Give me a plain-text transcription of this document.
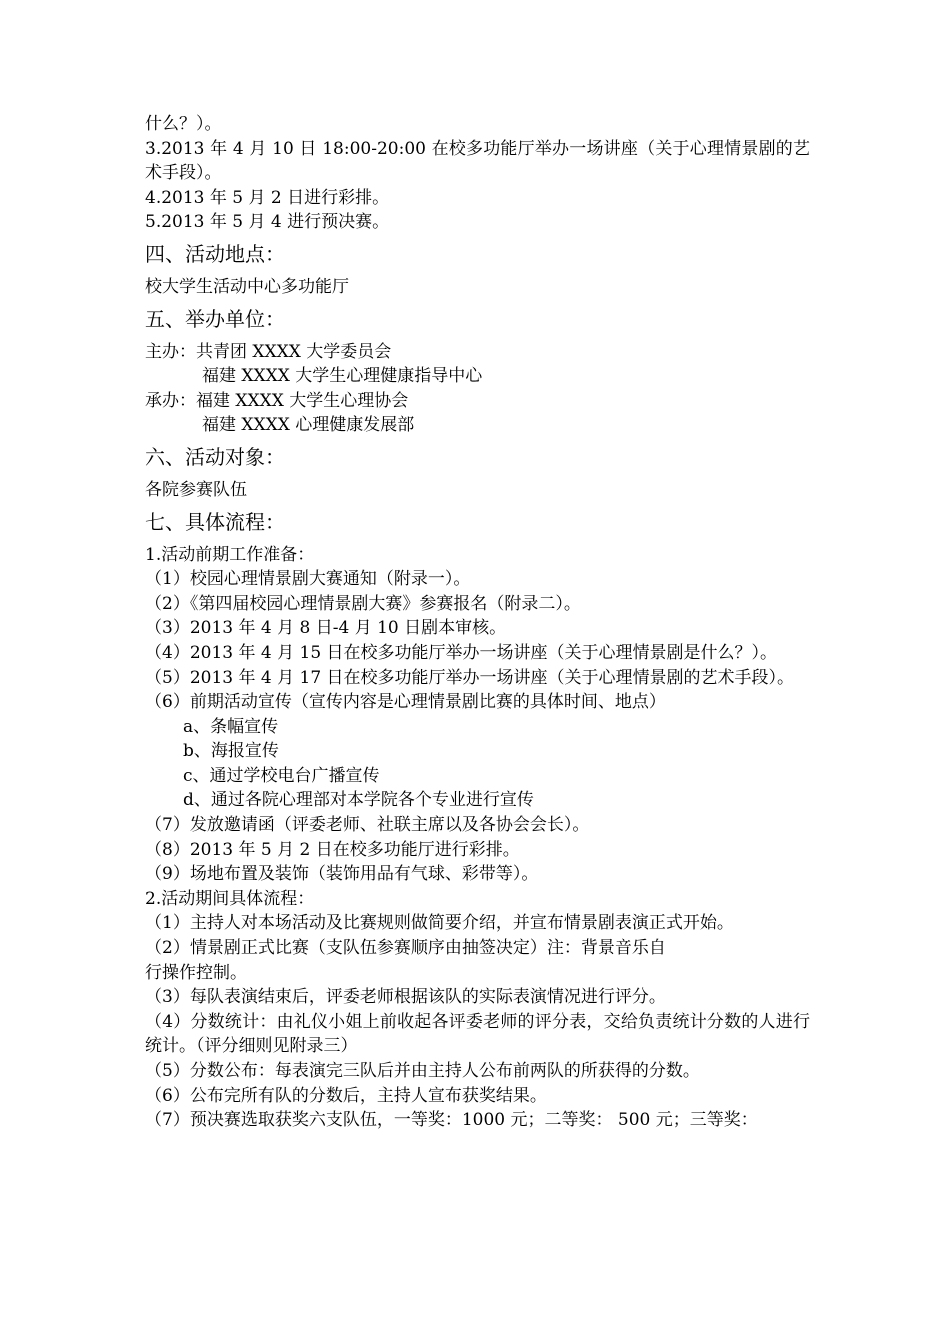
什么？）。
3.2013 年 4 月 10 日 18:00-20:00 在校多功能厅举办一场讲座（关于心理情景剧的艺术手段）。
4.2013 年 5 月 2 日进行彩排。
5.2013 年 5 月 4 进行预决赛。
四、活动地点：
校大学生活动中心多功能厅
五、举办单位：
主办：共青团 XXXX 大学委员会
福建 XXXX 大学生心理健康指导中心
承办：福建 XXXX 大学生心理协会
福建 XXXX 心理健康发展部
六、活动对象：
各院参赛队伍
七、具体流程：
1.活动前期工作准备：
（1）校园心理情景剧大赛通知（附录一）。
（2）《第四届校园心理情景剧大赛》参赛报名（附录二）。
（3）2013 年 4 月 8 日-4 月 10 日剧本审核。
（4）2013 年 4 月 15 日在校多功能厅举办一场讲座（关于心理情景剧是什么？）。
（5）2013 年 4 月 17 日在校多功能厅举办一场讲座（关于心理情景剧的艺术手段）。
（6）前期活动宣传（宣传内容是心理情景剧比赛的具体时间、地点）
a、条幅宣传
b、海报宣传
c、通过学校电台广播宣传
d、通过各院心理部对本学院各个专业进行宣传
（7）发放邀请函（评委老师、社联主席以及各协会会长）。
（8）2013 年 5 月 2 日在校多功能厅进行彩排。
（9）场地布置及装饰（装饰用品有气球、彩带等）。
2.活动期间具体流程：
（1）主持人对本场活动及比赛规则做简要介绍，并宣布情景剧表演正式开始。
（2）情景剧正式比赛（支队伍参赛顺序由抽签决定）注：背景音乐自
行操作控制。
（3）每队表演结束后，评委老师根据该队的实际表演情况进行评分。
（4）分数统计：由礼仪小姐上前收起各评委老师的评分表，交给负责统计分数的人进行统计。（评分细则见附录三）
（5）分数公布：每表演完三队后并由主持人公布前两队的所获得的分数。
（6）公布完所有队的分数后，主持人宣布获奖结果。
（7）预决赛选取获奖六支队伍，一等奖：1000 元；二等奖： 500 元；三等奖：
